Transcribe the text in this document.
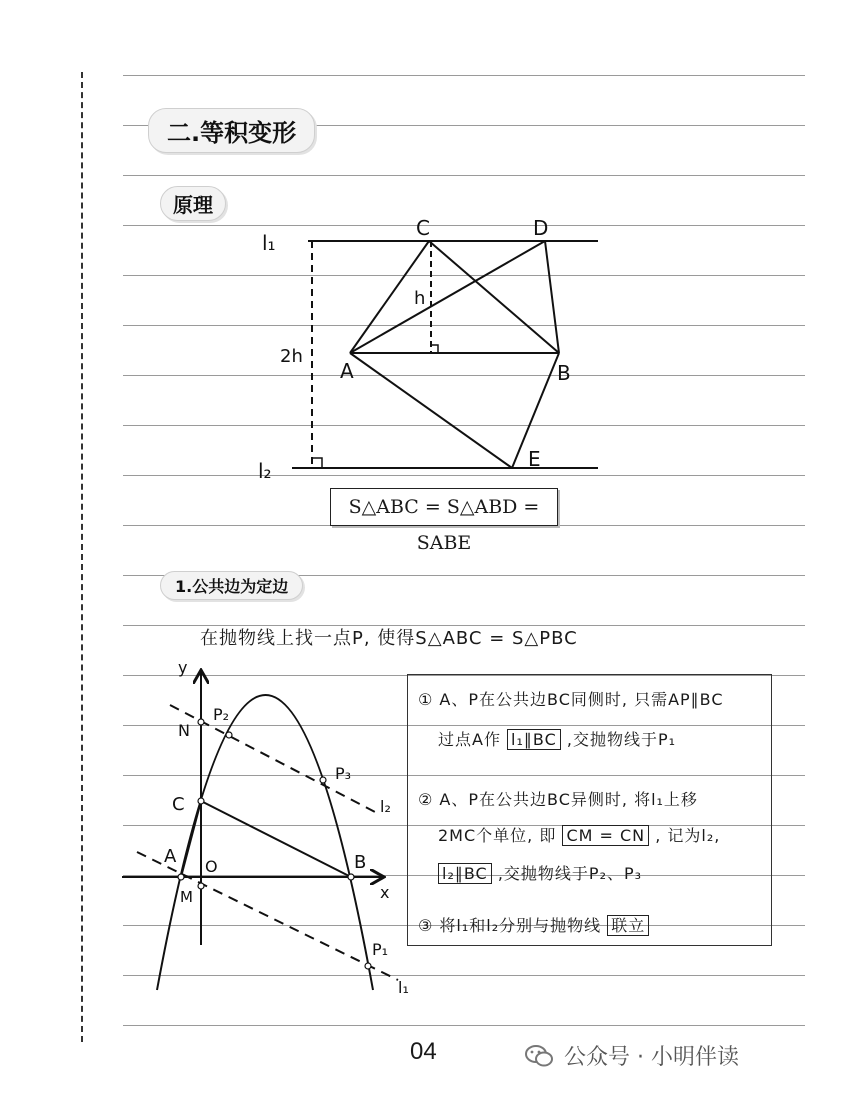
二.等积变形
原理
1.公共边为定边
l₁
l₂
C	D
A	B
E
h
2h
S△ABC = S△ABD = SABE
在抛物线上找一点P, 使得S△ABC = S△PBC
y
x
O
A	B
C
N
M
P₂
P₃
P₁
l₂
l₁
① A、P在公共边BC同侧时, 只需AP∥BC
过点A作 l₁∥BC ,交抛物线于P₁
② A、P在公共边BC异侧时, 将l₁上移
2MC个单位, 即 CM = CN , 记为l₂,
l₂∥BC ,交抛物线于P₂、P₃
③ 将l₁和l₂分别与抛物线 联立
04	公众号 · 小明伴读
